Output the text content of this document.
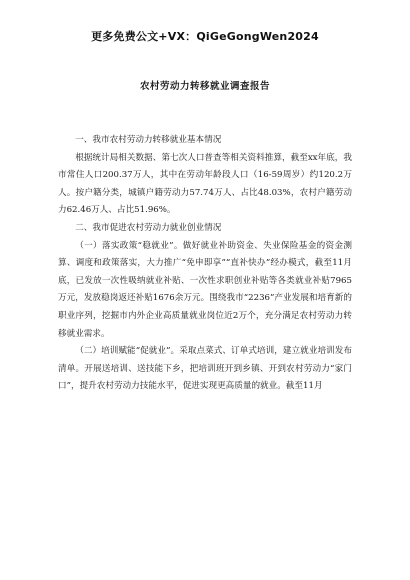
更多免费公文+VX：QiGeGongWen2024
农村劳动力转移就业调查报告
一、我市农村劳动力转移就业基本情况

根据统计局相关数据、第七次人口普查等相关资料推算，截至xx年底，我市常住人口200.37万人，其中在劳动年龄段人口（16-59周岁）约120.2万人。按户籍分类，城镇户籍劳动力57.74万人、占比48.03%，农村户籍劳动力62.46万人、占比51.96%。

二、我市促进农村劳动力就业创业情况

（一）落实政策“稳就业”。做好就业补助资金、失业保险基金的资金测算、调度和政策落实，大力推广“免申即享”“直补快办”经办模式，截至11月底，已发放一次性吸纳就业补贴、一次性求职创业补贴等各类就业补贴7965万元，发放稳岗返还补贴1676余万元。围绕我市“2236”产业发展和培育新的职业序列，挖掘市内外企业高质量就业岗位近2万个，充分满足农村劳动力转移就业需求。

（二）培训赋能“促就业”。采取点菜式、订单式培训，建立就业培训发布清单。开展送培训、送技能下乡，把培训班开到乡镇、开到农村劳动力“家门口”，提升农村劳动力技能水平，促进实现更高质量的就业。截至11月
